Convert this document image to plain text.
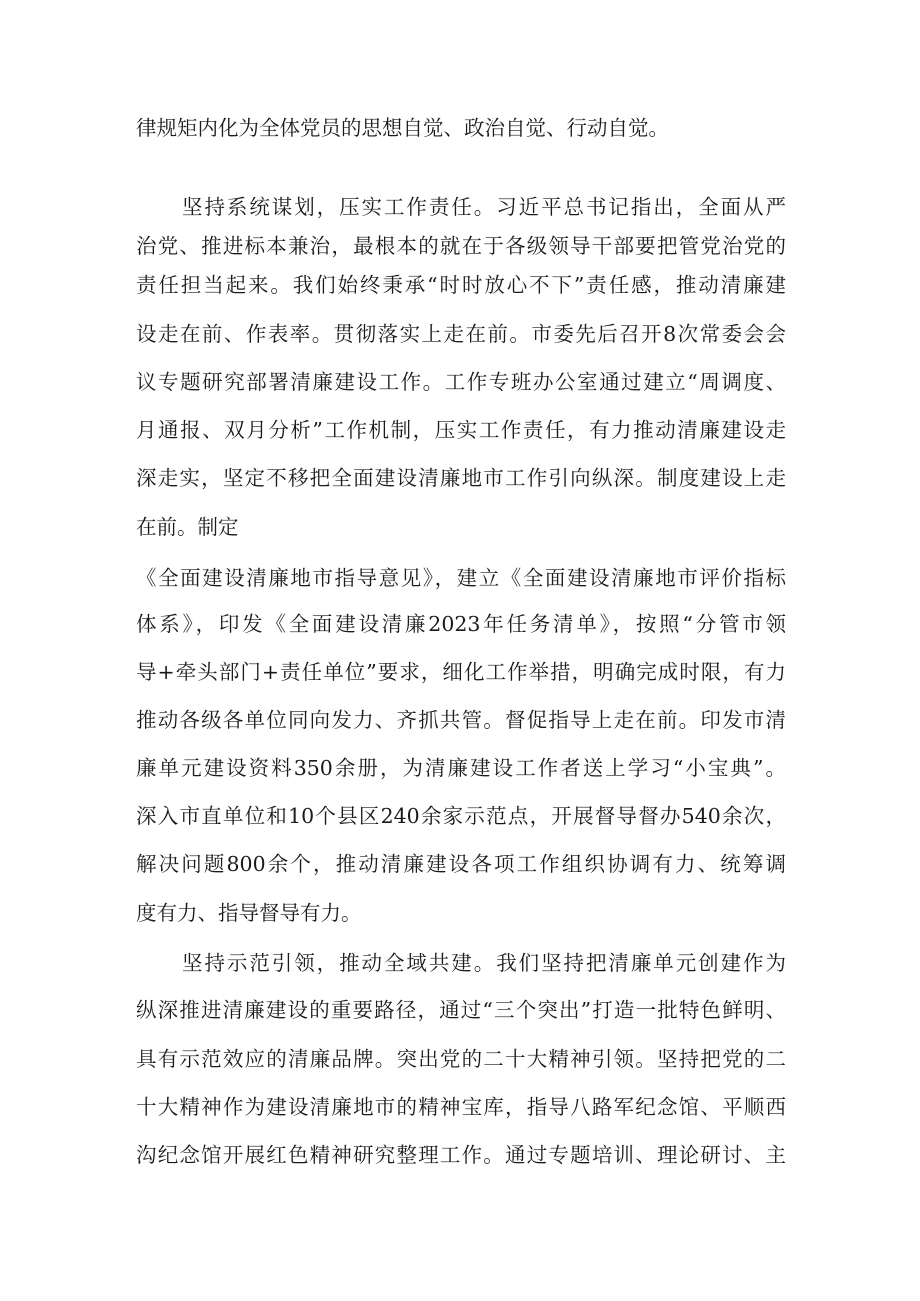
律规矩内化为全体党员的思想自觉、政治自觉、行动自觉。
坚持系统谋划，压实工作责任。习近平总书记指出，全面从严
治党、推进标本兼治，最根本的就在于各级领导干部要把管党治党的
责任担当起来。我们始终秉承“时时放心不下”责任感，推动清廉建
设走在前、作表率。贯彻落实上走在前。市委先后召开8次常委会会
议专题研究部署清廉建设工作。工作专班办公室通过建立“周调度、
月通报、双月分析”工作机制，压实工作责任，有力推动清廉建设走
深走实，坚定不移把全面建设清廉地市工作引向纵深。制度建设上走
在前。制定
《全面建设清廉地市指导意见》，建立《全面建设清廉地市评价指标
体系》，印发《全面建设清廉2023年任务清单》，按照“分管市领
导+牵头部门+责任单位”要求，细化工作举措，明确完成时限，有力
推动各级各单位同向发力、齐抓共管。督促指导上走在前。印发市清
廉单元建设资料350余册，为清廉建设工作者送上学习“小宝典”。
深入市直单位和10个县区240余家示范点，开展督导督办540余次，
解决问题800余个，推动清廉建设各项工作组织协调有力、统筹调
度有力、指导督导有力。
坚持示范引领，推动全域共建。我们坚持把清廉单元创建作为
纵深推进清廉建设的重要路径，通过“三个突出”打造一批特色鲜明、
具有示范效应的清廉品牌。突出党的二十大精神引领。坚持把党的二
十大精神作为建设清廉地市的精神宝库，指导八路军纪念馆、平顺西
沟纪念馆开展红色精神研究整理工作。通过专题培训、理论研讨、主
